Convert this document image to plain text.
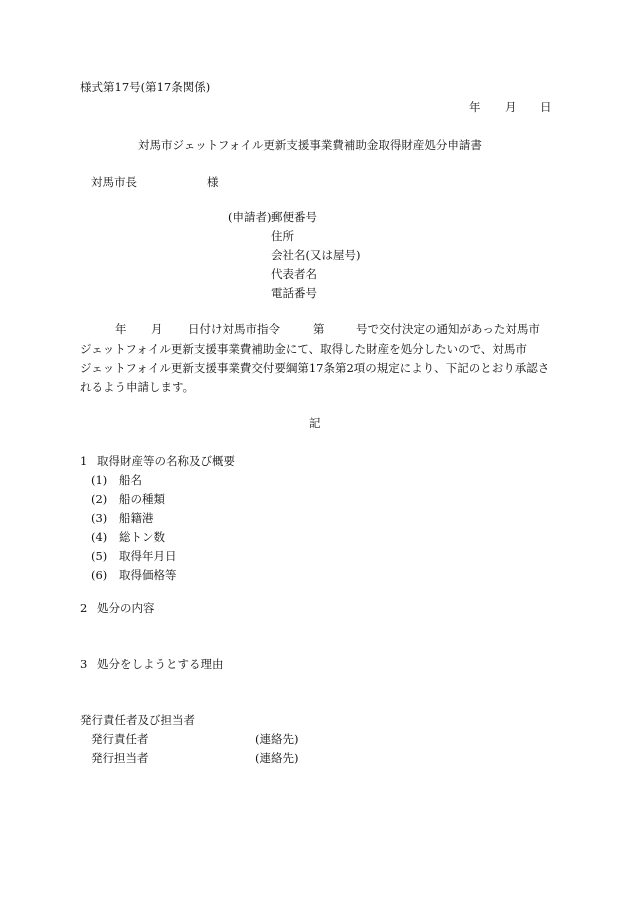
様式第17号(第17条関係)
年 月 日
対馬市ジェットフォイル更新支援事業費補助金取得財産処分申請書
対馬市長	様
(申請者) 郵便番号
住所
会社名(又は屋号)
代表者名
電話番号
年 月 日付け対馬市指令	第	号で交付決定の通知があった対馬市
ジェットフォイル更新支援事業費補助金にて、取得した財産を処分したいので、対馬市
ジェットフォイル更新支援事業費交付要綱第17条第2項の規定により、下記のとおり承認さ
れるよう申請します。
記
1 取得財産等の名称及び概要
(1) 船名
(2) 船の種類
(3) 船籍港
(4) 総トン数
(5) 取得年月日
(6) 取得価格等
2 処分の内容
3 処分をしようとする理由
発行責任者及び担当者
発行責任者	(連絡先)
発行担当者	(連絡先)
